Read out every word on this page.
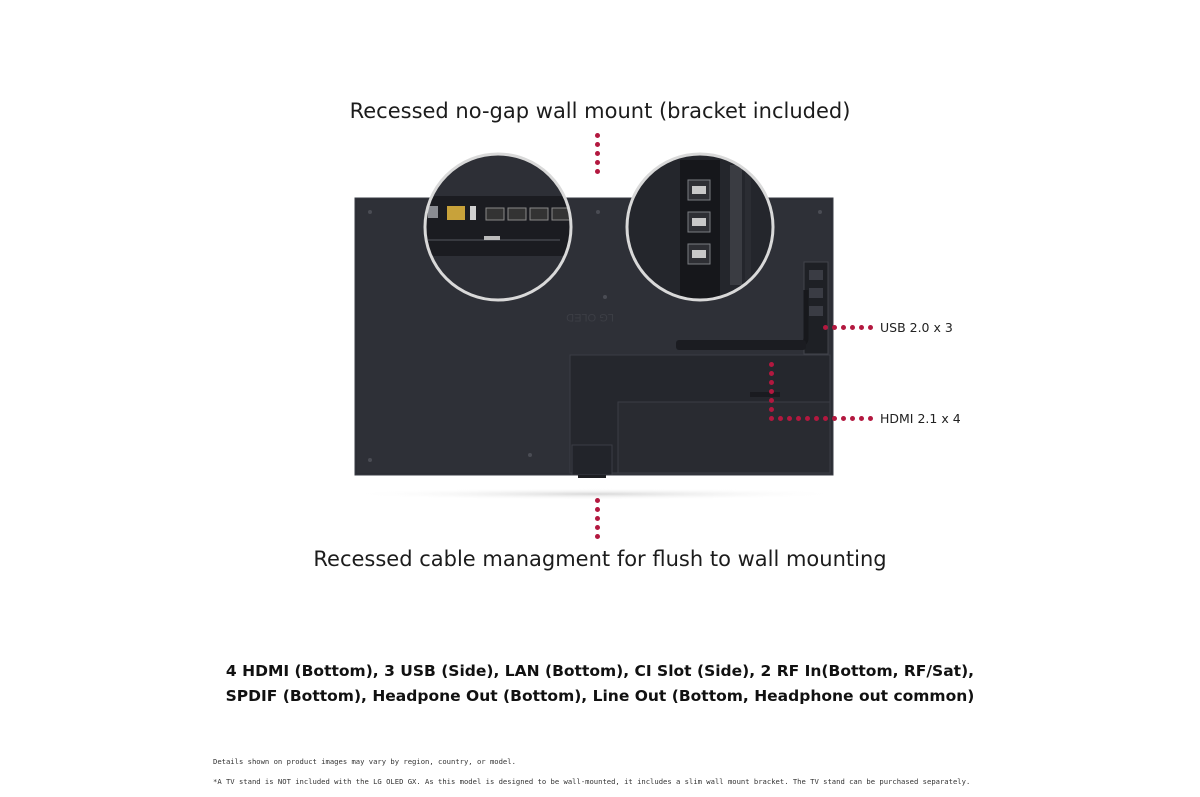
Recessed no-gap wall mount (bracket included)
LG OLED
USB 2.0 x 3
HDMI 2.1 x 4
Recessed cable managment for flush to wall mounting
4 HDMI (Bottom), 3 USB (Side), LAN (Bottom), CI Slot (Side), 2 RF In(Bottom, RF/Sat),
SPDIF (Bottom), Headpone Out (Bottom), Line Out (Bottom, Headphone out common)
Details shown on product images may vary by region, country, or model.
*A TV stand is NOT included with the LG OLED GX. As this model is designed to be wall-mounted, it includes a slim wall mount bracket. The TV stand can be purchased separately.
